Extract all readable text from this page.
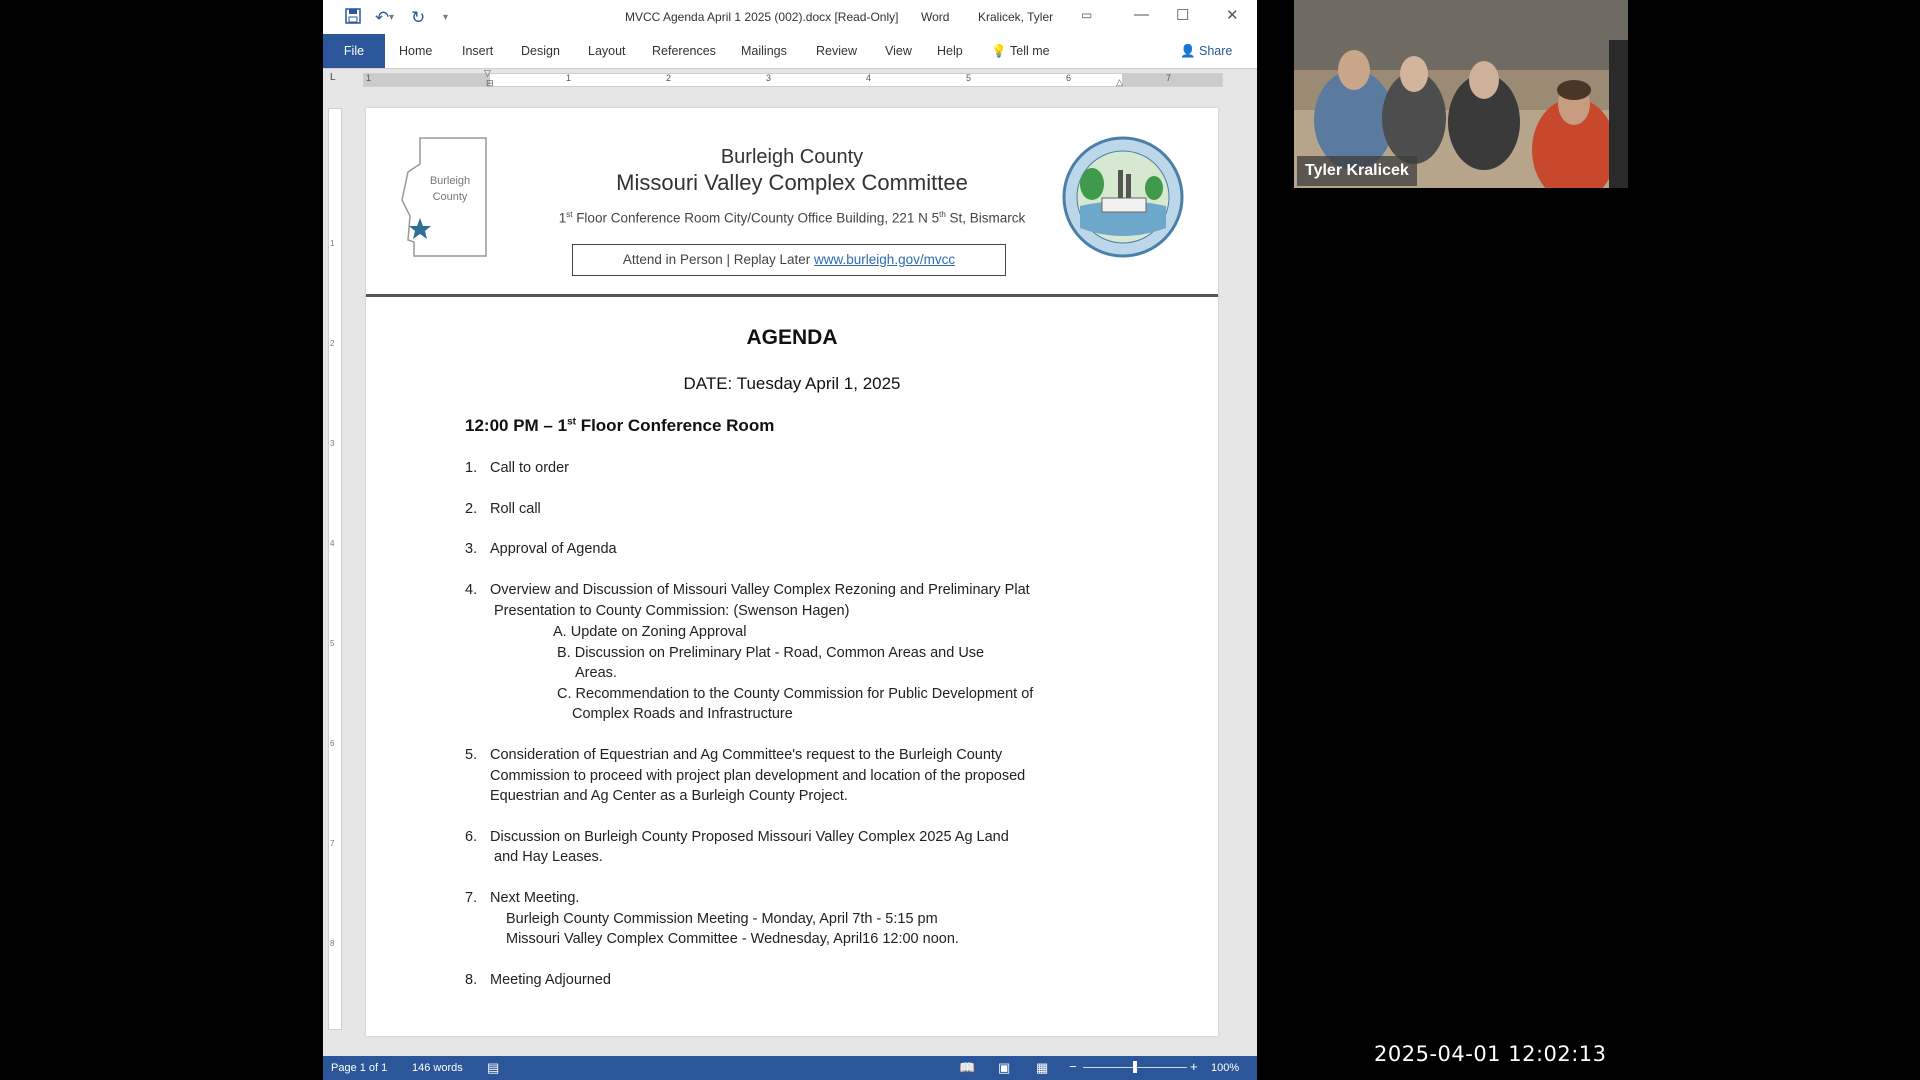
↶ ▾ ↻ ▾	MVCC Agenda April 1 2025 (002).docx [Read-Only] Word Kralicek, Tyler ▭	— ☐ ✕
File	Home Insert Design Layout References Mailings Review View Help 💡 Tell me	👤 Share
L	1	1	2	3	4	5	6	7
▽
⊟	△
1
2
3
4
5
6
7
8
Burleigh
County
Burleigh County
Missouri Valley Complex Committee
1st Floor Conference Room City/County Office Building, 221 N 5th St, Bismarck
Attend in Person | Replay Later www.burleigh.gov/mvcc
AGENDA
DATE: Tuesday April 1, 2025
12:00 PM – 1st Floor Conference Room
1. Call to order
2. Roll call
3. Approval of Agenda
4. Overview and Discussion of Missouri Valley Complex Rezoning and Preliminary Plat
Presentation to County Commission: (Swenson Hagen)
A. Update on Zoning Approval
B. Discussion on Preliminary Plat - Road, Common Areas and Use
Areas.
C. Recommendation to the County Commission for Public Development of
Complex Roads and Infrastructure
5. Consideration of Equestrian and Ag Committee's request to the Burleigh County
Commission to proceed with project plan development and location of the proposed
Equestrian and Ag Center as a Burleigh County Project.
6. Discussion on Burleigh County Proposed Missouri Valley Complex 2025 Ag Land
and Hay Leases.
7. Next Meeting.
Burleigh County Commission Meeting - Monday, April 7th - 5:15 pm
Missouri Valley Complex Committee - Wednesday, April16 12:00 noon.
8. Meeting Adjourned
Page 1 of 1 146 words ▤	📖 ▣ ▦ −	+ 100%
Tyler Kralicek
2025-04-01 12:02:13
